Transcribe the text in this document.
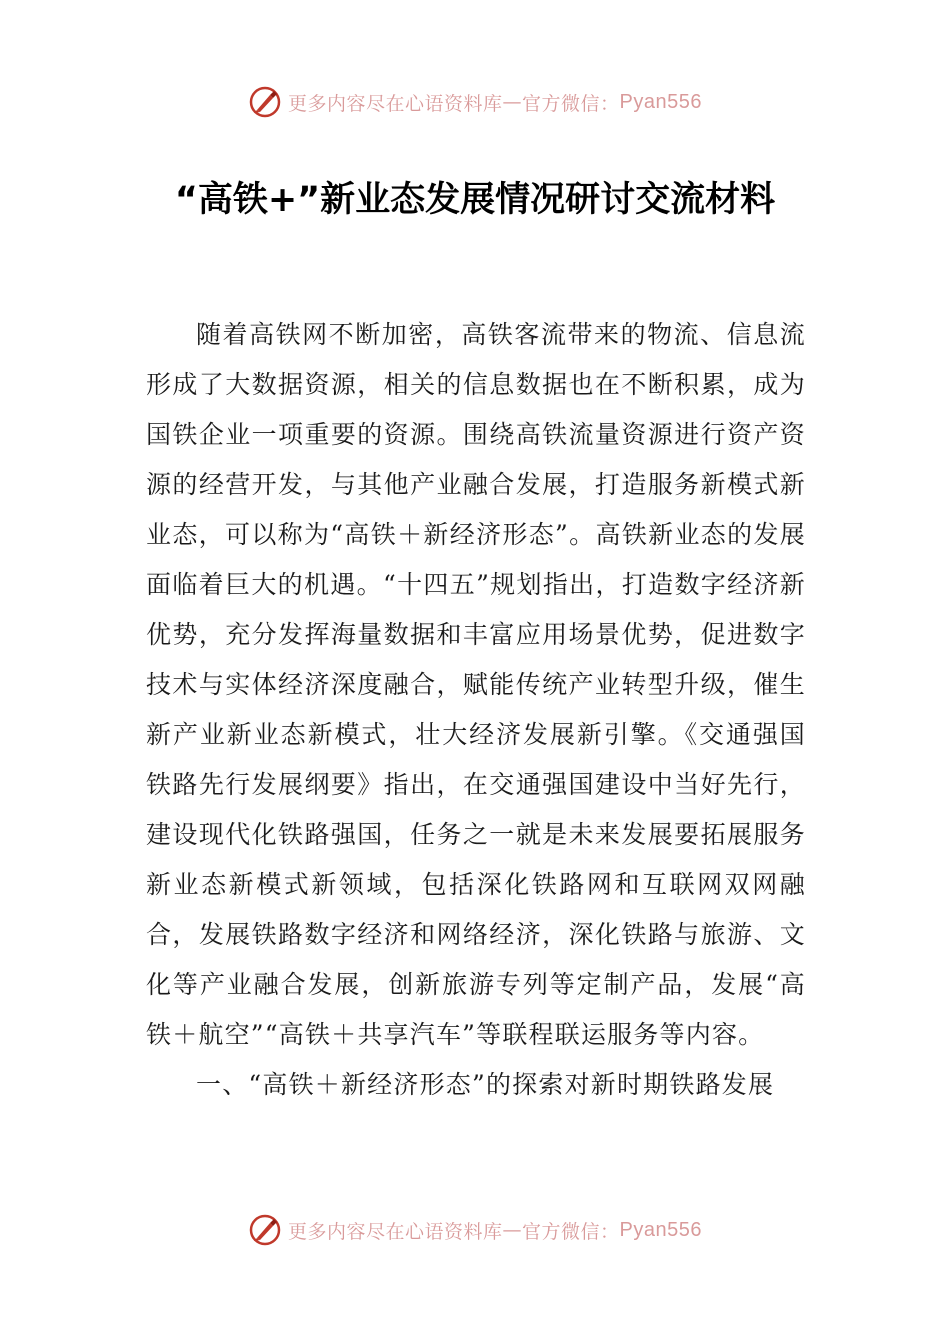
更多内容尽在心语资料库 — 官方微信： Pyan556
“高铁+”新业态发展情况研讨交流材料

随着高铁网不断加密，高铁客流带来的物流、信息流形成了大数据资源，相关的信息数据也在不断积累，成为国铁企业一项重要的资源。围绕高铁流量资源进行资产资源的经营开发，与其他产业融合发展，打造服务新模式新业态，可以称为“高铁＋新经济形态”。高铁新业态的发展面临着巨大的机遇。“十四五”规划指出，打造数字经济新优势，充分发挥海量数据和丰富应用场景优势，促进数字技术与实体经济深度融合，赋能传统产业转型升级，催生新产业新业态新模式，壮大经济发展新引擎。《交通强国铁路先行发展纲要》指出，在交通强国建设中当好先行，建设现代化铁路强国，任务之一就是未来发展要拓展服务新业态新模式新领域，包括深化铁路网和互联网双网融合，发展铁路数字经济和网络经济，深化铁路与旅游、文化等产业融合发展，创新旅游专列等定制产品，发展“高铁＋航空”“高铁＋共享汽车”等联程联运服务等内容。

一、“高铁＋新经济形态”的探索对新时期铁路发展

更多内容尽在心语资料库 — 官方微信： Pyan556
